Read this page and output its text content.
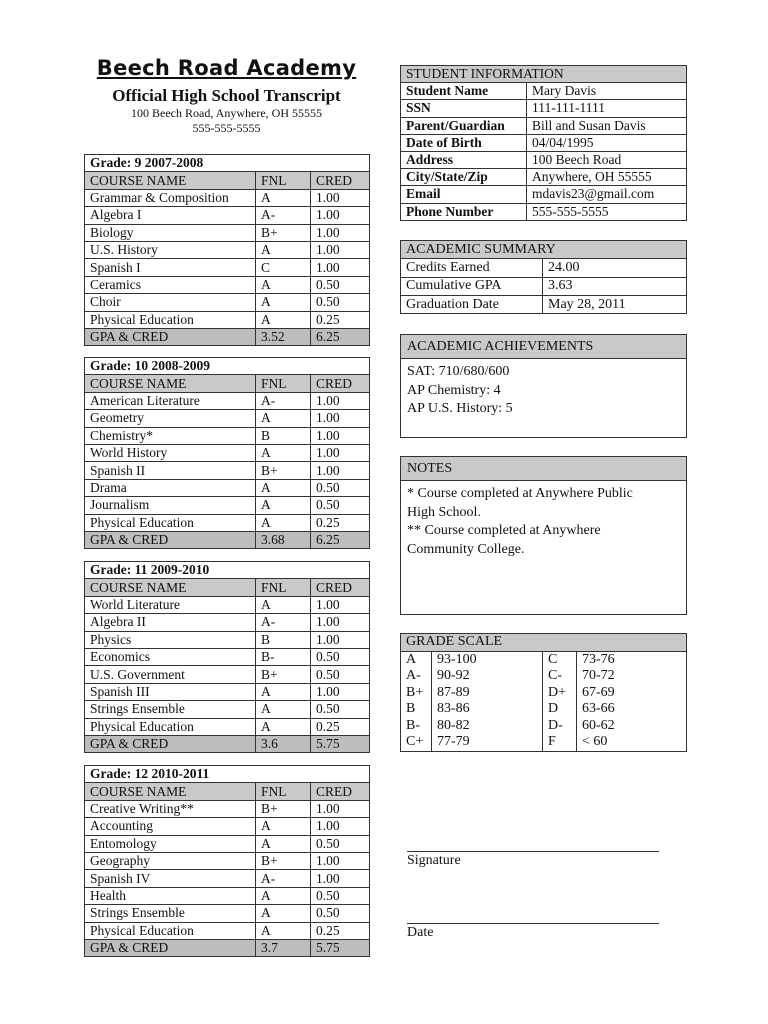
Beech Road Academy
Official High School Transcript

100 Beech Road, Anywhere, OH 55555

555-555-5555

Grade: 9 2007-2008		
COURSE NAME	FNL	CRED
Grammar & Composition	A	1.00
Algebra I	A-	1.00
Biology	B+	1.00
U.S. History	A	1.00
Spanish I	C	1.00
Ceramics	A	0.50
Choir	A	0.50
Physical Education	A	0.25
GPA & CRED	3.52	6.25
Grade: 10 2008-2009		
COURSE NAME	FNL	CRED
American Literature	A-	1.00
Geometry	A	1.00
Chemistry*	B	1.00
World History	A	1.00
Spanish II	B+	1.00
Drama	A	0.50
Journalism	A	0.50
Physical Education	A	0.25
GPA & CRED	3.68	6.25
Grade: 11 2009-2010		
COURSE NAME	FNL	CRED
World Literature	A	1.00
Algebra II	A-	1.00
Physics	B	1.00
Economics	B-	0.50
U.S. Government	B+	0.50
Spanish III	A	1.00
Strings Ensemble	A	0.50
Physical Education	A	0.25
GPA & CRED	3.6	5.75
Grade: 12 2010-2011		
COURSE NAME	FNL	CRED
Creative Writing**	B+	1.00
Accounting	A	1.00
Entomology	A	0.50
Geography	B+	1.00
Spanish IV	A-	1.00
Health	A	0.50
Strings Ensemble	A	0.50
Physical Education	A	0.25
GPA & CRED	3.7	5.75
STUDENT INFORMATION	
Student Name	Mary Davis
SSN	111-111-1111
Parent/Guardian	Bill and Susan Davis
Date of Birth	04/04/1995
Address	100 Beech Road
City/State/Zip	Anywhere, OH 55555
Email	mdavis23@gmail.com
Phone Number	555-555-5555
ACADEMIC SUMMARY	
Credits Earned	24.00
Cumulative GPA	3.63
Graduation Date	May 28, 2011
ACADEMIC ACHIEVEMENTS
SAT: 710/680/600
AP Chemistry: 4
AP U.S. History: 5
NOTES
* Course completed at Anywhere Public
High School.
** Course completed at Anywhere
Community College.
GRADE SCALE			
A	93-100	C	73-76
A-	90-92	C-	70-72
B+	87-89	D+	67-69
B	83-86	D	63-66
B-	80-82	D-	60-62
C+	77-79	F	< 60
Signature
Date
